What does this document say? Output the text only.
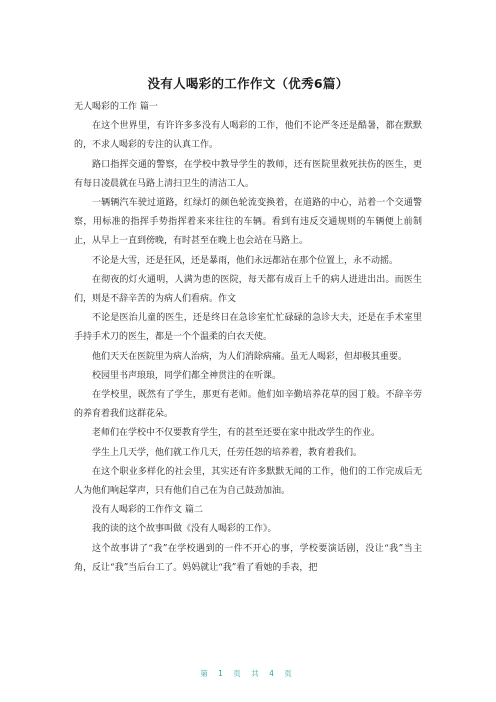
没有人喝彩的工作作文（优秀6篇）

无人喝彩的工作 篇一

在这个世界里，有许许多多没有人喝彩的工作，他们不论严冬还是酷暑，都在默默的，不求人喝彩的专注的认真工作。

路口指挥交通的警察，在学校中教导学生的教师，还有医院里救死扶伤的医生，更有每日凌晨就在马路上清扫卫生的清洁工人。

一辆辆汽车驶过道路，红绿灯的颜色轮流变换着，在道路的中心，站着一个交通警察，用标准的指挥手势指挥着来来往往的车辆。看到有违反交通规则的车辆便上前制止，从早上一直到傍晚，有时甚至在晚上也会站在马路上。

不论是大雪，还是狂风，还是暴雨，他们永远都站在那个位置上，永不动摇。

在彻夜的灯火通明，人满为患的医院，每天都有成百上千的病人进进出出。而医生们，则是不辞辛苦的为病人们看病。作文

不论是医治儿童的医生，还是终日在急诊室忙忙碌碌的急诊大夫，还是在手术室里手持手术刀的医生，都是一个个温柔的白衣天使。

他们天天在医院里为病人治病，为人们消除病痛。虽无人喝彩，但却极其重要。

校园里书声琅琅，同学们都全神贯注的在听课。

在学校里，既然有了学生，那更有老师。他们如辛勤培养花草的园丁般。不辞辛劳的养育着我们这群花朵。

老师们在学校中不仅要教育学生，有的甚至还要在家中批改学生的作业。

学生上几天学，他们就工作几天，任劳任怨的培养着，教育着我们。

在这个职业多样化的社会里，其实还有许多默默无闻的工作，他们的工作完成后无人为他们响起掌声，只有他们自己在为自己鼓劲加油。

没有人喝彩的工作作文 篇二

我的读的这个故事叫做《没有人喝彩的工作》。

这个故事讲了“我”在学校遇到的一件不开心的事，学校要演话剧，没让“我”当主角，反让“我”当后台工了。妈妈就让“我”看了看她的手表，把

第 1 页 共 4 页
